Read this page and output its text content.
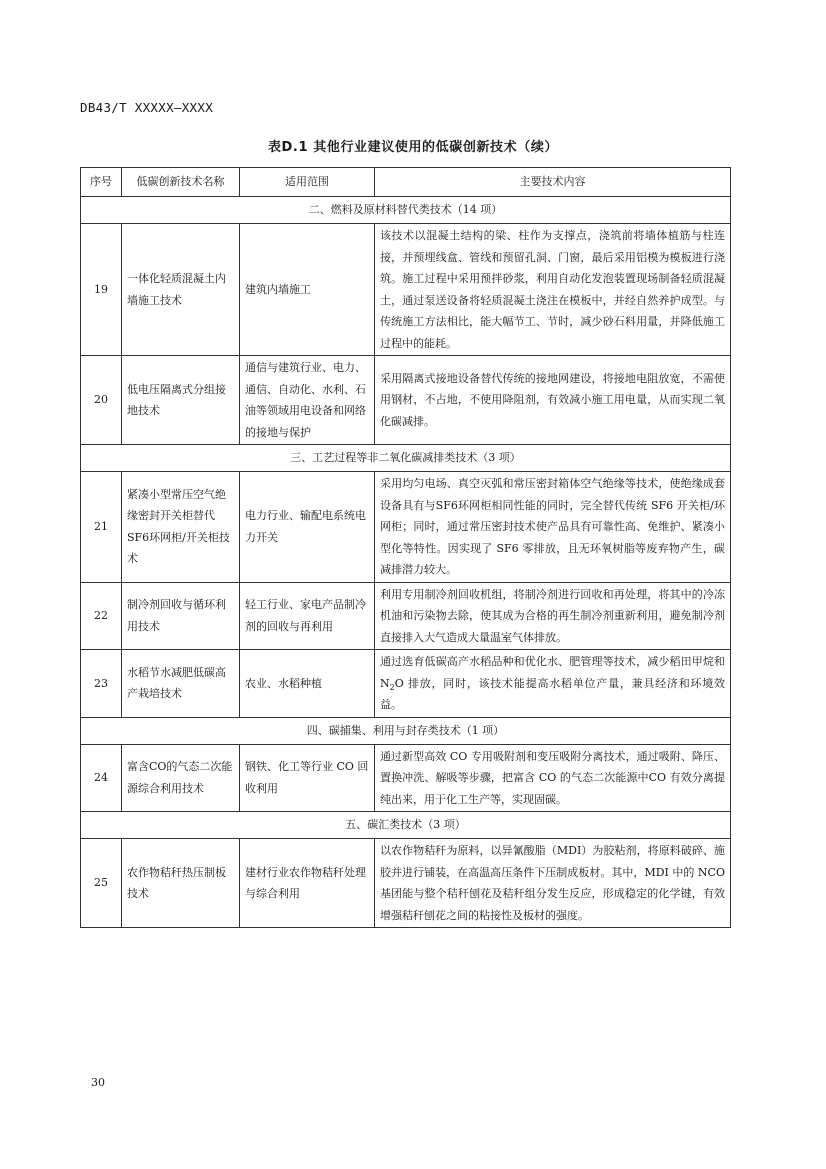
DB43/T XXXXX—XXXX
表D.1 其他行业建议使用的低碳创新技术（续）
序号	低碳创新技术名称	适用范围	主要技术内容
二、燃料及原材料替代类技术（14 项）			
19	一体化轻质混凝土内墙施工技术	建筑内墙施工	该技术以混凝土结构的梁、柱作为支撑点，浇筑前将墙体植筋与柱连接，并预埋线盒、管线和预留孔洞、门窗，最后采用铝模为模板进行浇筑。施工过程中采用预拌砂浆，利用自动化发泡装置现场制备轻质混凝土，通过泵送设备将轻质混凝土浇注在模板中，并经自然养护成型。与传统施工方法相比，能大幅节工、节时，减少砂石料用量，并降低施工过程中的能耗。
20	低电压隔离式分组接地技术	通信与建筑行业、电力、通信、自动化、水利、石油等领域用电设备和网络的接地与保护	采用隔离式接地设备替代传统的接地网建设，将接地电阻放宽，不需使用钢材，不占地，不使用降阻剂，有效减小施工用电量，从而实现二氧化碳减排。
三、工艺过程等非二氧化碳减排类技术（3 项）			
21	紧凑小型常压空气绝缘密封开关柜替代SF6环网柜/开关柜技术	电力行业、输配电系统电力开关	采用均匀电场、真空灭弧和常压密封箱体空气绝缘等技术，使绝缘成套设备具有与SF6环网柜相同性能的同时，完全替代传统 SF6 开关柜/环网柜；同时，通过常压密封技术使产品具有可靠性高、免维护、紧凑小型化等特性。因实现了 SF6 零排放，且无环氧树脂等废弃物产生，碳减排潜力较大。
22	制冷剂回收与循环利用技术	轻工行业、家电产品制冷剂的回收与再利用	利用专用制冷剂回收机组，将制冷剂进行回收和再处理，将其中的冷冻机油和污染物去除，使其成为合格的再生制冷剂重新利用，避免制冷剂直接排入大气造成大量温室气体排放。
23	水稻节水减肥低碳高产栽培技术	农业、水稻种植	通过选育低碳高产水稻品种和优化水、肥管理等技术，减少稻田甲烷和 $N_2O$ 排放，同时，该技术能提高水稻单位产量，兼具经济和环境效益。
四、碳捕集、利用与封存类技术（1 项）			
24	富含CO的气态二次能源综合利用技术	钢铁、化工等行业 CO 回收利用	通过新型高效 CO 专用吸附剂和变压吸附分离技术，通过吸附、降压、置换冲洗、解吸等步骤，把富含 CO 的气态二次能源中CO 有效分离提纯出来，用于化工生产等，实现固碳。
五、碳汇类技术（3 项）			
25	农作物秸秆热压制板技术	建材行业农作物秸秆处理与综合利用	以农作物秸秆为原料，以异氰酸脂（MDI）为胶粘剂，将原料破碎、施胶并进行铺装，在高温高压条件下压制成板材。其中，MDI 中的 NCO 基团能与整个秸秆刨花及秸秆组分发生反应，形成稳定的化学键，有效增强秸秆刨花之间的粘接性及板材的强度。
30
